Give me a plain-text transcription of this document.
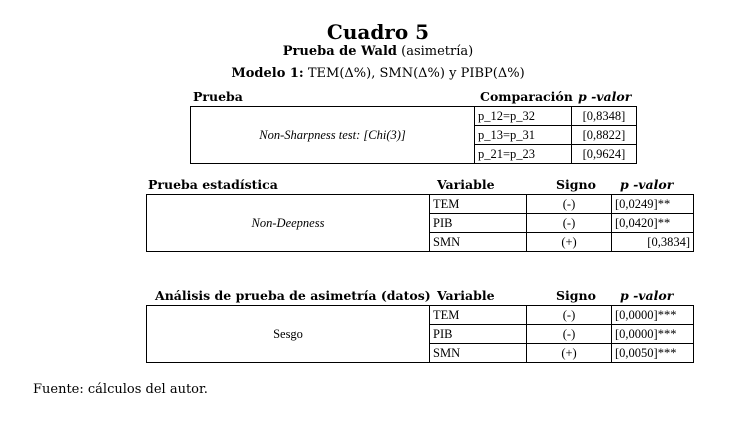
Cuadro 5
Prueba de Wald (asimetría)
Modelo 1: TEM(Δ%), SMN(Δ%) y PIBP(Δ%)
Prueba	Comparación p -valor
Non-Sharpness test: [Chi(3)]	p_12=p_32	[0,8348]
	p_13=p_31	[0,8822]
	p_21=p_23	[0,9624]
Prueba estadística	Variable	Signo p -valor
Non-Deepness	TEM	(-)	[0,0249]**
	PIB	(-)	[0,0420]**
	SMN	(+)	[0,3834]
Análisis de prueba de asimetría (datos) Variable	Signo p -valor
Sesgo	TEM	(-)	[0,0000]***
	PIB	(-)	[0,0000]***
	SMN	(+)	[0,0050]***
Fuente: cálculos del autor.
